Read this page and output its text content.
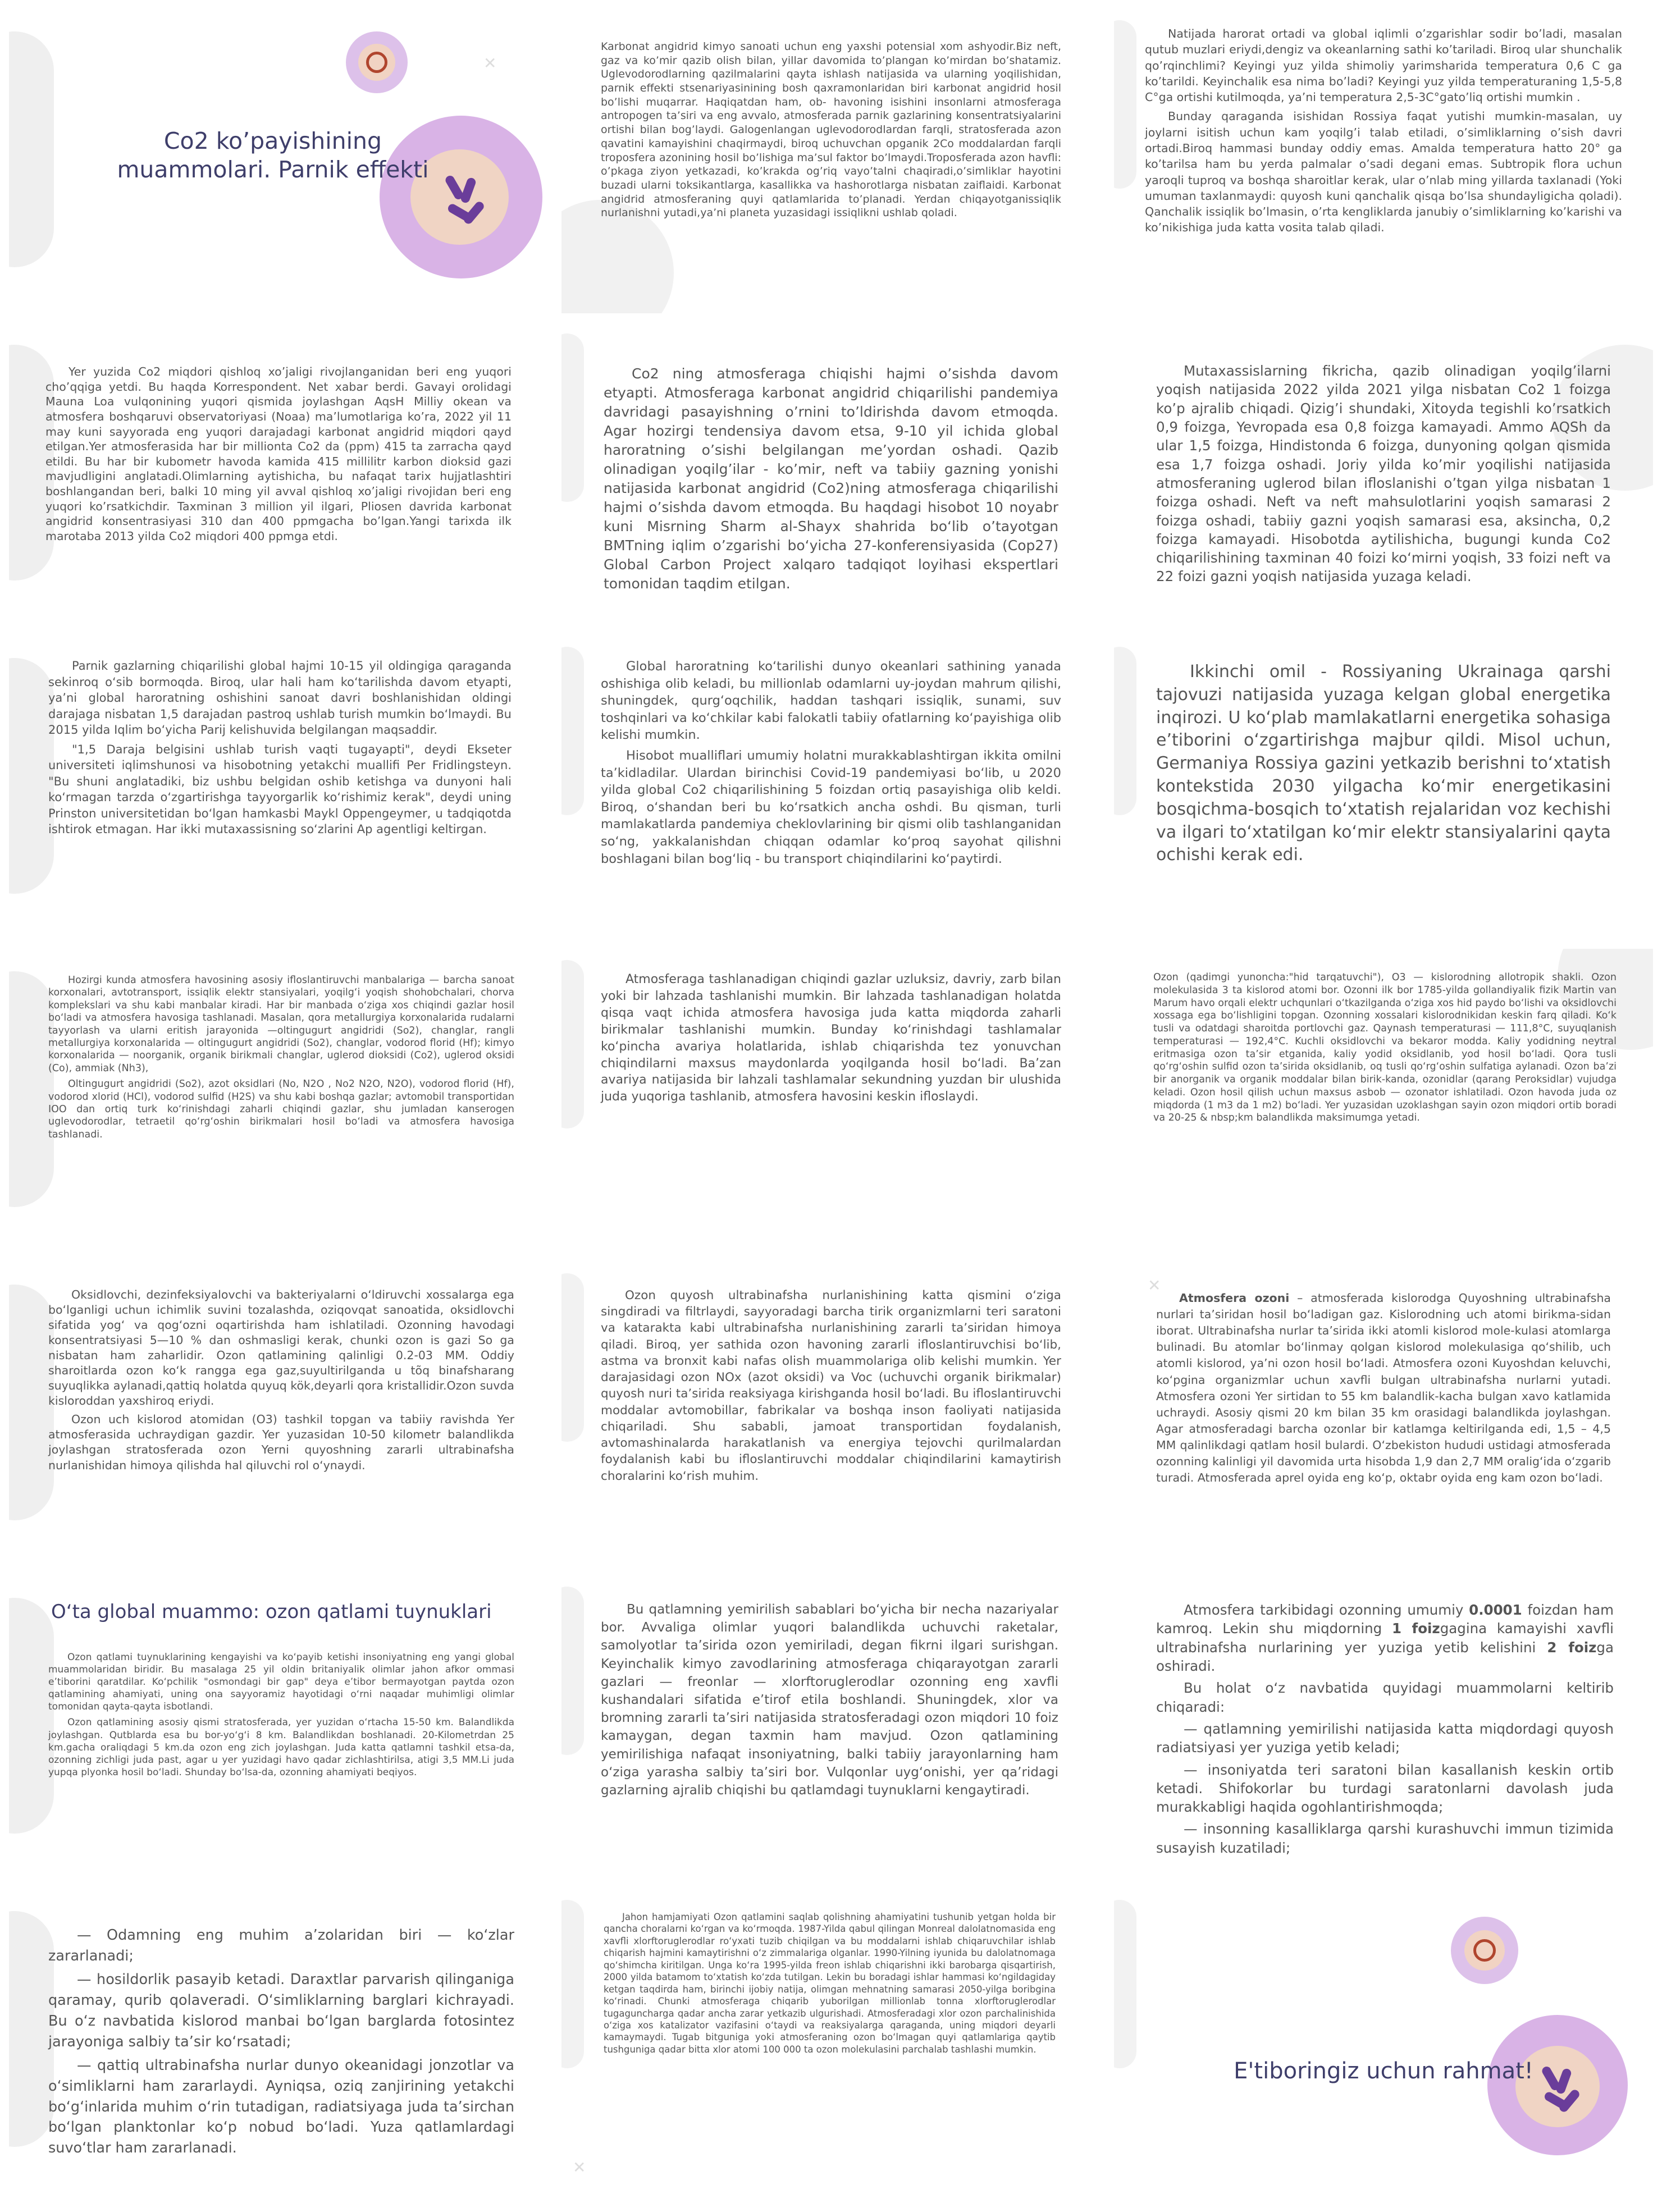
Co2 ko’payishining muammolari. Parnik effekti
✕
Karbonat angidrid kimyo sanoati uchun eng yaxshi potensial xom ashyodir.Biz neft, gaz va ko’mir qazib olish bilan, yillar davomida to’plangan ko’mirdan bo’shatamiz. Uglevodorodlarning qazilmalarini qayta ishlash natijasida va ularning yoqilishidan, parnik effekti stsenariyasinining bosh qaxramonlaridan biri karbonat angidrid hosil bo’lishi muqarrar. Haqiqatdan ham, ob- havoning isishini insonlarni atmosferaga antropogen ta’siri va eng avvalo, atmosferada parnik gazlarining konsentratsiyalarini ortishi bilan bog’laydi. Galogenlangan uglevodorodlardan farqli, stratosferada azon qavatini kamayishini chaqirmaydi, biroq uchuvchan opganik 2Co moddalardan farqli troposfera azonining hosil bo’lishiga ma’sul faktor bo’lmaydi.Troposferada azon havfli: o’pkaga ziyon yetkazadi, ko’krakda og’riq vayo’talni chaqiradi,o’simliklar hayotini buzadi ularni toksikantlarga, kasallikka va hashorotlarga nisbatan zaiflaidi. Karbonat angidrid atmosferaning quyi qatlamlarida to’planadi. Yerdan chiqayotganissiqlik nurlanishni yutadi,ya’ni planeta yuzasidagi issiqlikni ushlab qoladi.

Natijada harorat ortadi va global iqlimli o’zgarishlar sodir bo’ladi, masalan qutub muzlari eriydi,dengiz va okeanlarning sathi ko’tariladi. Biroq ular shunchalik qo’rqinchlimi? Keyingi yuz yilda shimoliy yarimsharida temperatura 0,6 C ga ko’tarildi. Keyinchalik esa nima bo’ladi? Keyingi yuz yilda temperaturaning 1,5-5,8 C°ga ortishi kutilmoqda, ya’ni temperatura 2,5-3C°gato’liq ortishi mumkin .

Bunday qaraganda isishidan Rossiya faqat yutishi mumkin-masalan, uy joylarni isitish uchun kam yoqilg’i talab etiladi, o’simliklarning o’sish davri ortadi.Biroq hammasi bunday oddiy emas. Amalda temperatura hatto 20° ga ko’tarilsa ham bu yerda palmalar o’sadi degani emas. Subtropik flora uchun yaroqli tuproq va boshqa sharoitlar kerak, ular o’nlab ming yillarda taxlanadi (Yoki umuman taxlanmaydi: quyosh kuni qanchalik qisqa bo’lsa shundayligicha qoladi). Qanchalik issiqlik bo’lmasin, o’rta kengliklarda janubiy o’simliklarning ko’karishi va ko’nikishiga juda katta vosita talab qiladi.

Yer yuzida Co2 miqdori qishloq xo’jaligi rivojlanganidan beri eng yuqori cho’qqiga yetdi. Bu haqda Korrespondent. Net xabar berdi. Gavayi orolidagi Mauna Loa vulqonining yuqori qismida joylashgan AqsH Milliy okean va atmosfera boshqaruvi observatoriyasi (Noaa) ma’lumotlariga ko’ra, 2022 yil 11 may kuni sayyorada eng yuqori darajadagi karbonat angidrid miqdori qayd etilgan.Yer atmosferasida har bir millionta Co2 da (ppm) 415 ta zarracha qayd etildi. Bu har bir kubometr havoda kamida 415 millilitr karbon dioksid gazi mavjudligini anglatadi.Olimlarning aytishicha, bu nafaqat tarix hujjatlashtiri boshlangandan beri, balki 10 ming yil avval qishloq xo’jaligi rivojidan beri eng yuqori ko’rsatkichdir. Taxminan 3 million yil ilgari, Pliosen davrida karbonat angidrid konsentrasiyasi 310 dan 400 ppmgacha bo’lgan.Yangi tarixda ilk marotaba 2013 yilda Co2 miqdori 400 ppmga etdi.

Co2 ning atmosferaga chiqishi hajmi o’sishda davom etyapti. Atmosferaga karbonat angidrid chiqarilishi pandemiya davridagi pasayishning o’rnini to’ldirishda davom etmoqda. Agar hozirgi tendensiya davom etsa, 9-10 yil ichida global haroratning o’sishi belgilangan me’yordan oshadi. Qazib olinadigan yoqilg’ilar - ko’mir, neft va tabiiy gazning yonishi natijasida karbonat angidrid (Co2)ning atmosferaga chiqarilishi hajmi o’sishda davom etmoqda. Bu haqdagi hisobot 10 noyabr kuni Misrning Sharm al-Shayx shahrida bo‘lib o’tayotgan BMTning iqlim o’zgarishi bo‘yicha 27-konferensiyasida (Cop27) Global Carbon Project xalqaro tadqiqot loyihasi ekspertlari tomonidan taqdim etilgan.

Mutaxassislarning fikricha, qazib olinadigan yoqilg’ilarni yoqish natijasida 2022 yilda 2021 yilga nisbatan Co2 1 foizga ko’p ajralib chiqadi. Qizig’i shundaki, Xitoyda tegishli ko’rsatkich 0,9 foizga, Yevropada esa 0,8 foizga kamayadi. Ammo AQSh da ular 1,5 foizga, Hindistonda 6 foizga, dunyoning qolgan qismida esa 1,7 foizga oshadi. Joriy yilda ko’mir yoqilishi natijasida atmosferaning uglerod bilan ifloslanishi o’tgan yilga nisbatan 1 foizga oshadi. Neft va neft mahsulotlarini yoqish samarasi 2 foizga oshadi, tabiiy gazni yoqish samarasi esa, aksincha, 0,2 foizga kamayadi. Hisobotda aytilishicha, bugungi kunda Co2 chiqarilishining taxminan 40 foizi ko‘mirni yoqish, 33 foizi neft va 22 foizi gazni yoqish natijasida yuzaga keladi.

Parnik gazlarning chiqarilishi global hajmi 10-15 yil oldingiga qaraganda sekinroq o‘sib bormoqda. Biroq, ular hali ham ko‘tarilishda davom etyapti, ya’ni global haroratning oshishini sanoat davri boshlanishidan oldingi darajaga nisbatan 1,5 darajadan pastroq ushlab turish mumkin bo‘lmaydi. Bu 2015 yilda Iqlim bo‘yicha Parij kelishuvida belgilangan maqsaddir.

"1,5 Daraja belgisini ushlab turish vaqti tugayapti", deydi Ekseter universiteti iqlimshunosi va hisobotning yetakchi muallifi Per Fridlingsteyn. "Bu shuni anglatadiki, biz ushbu belgidan oshib ketishga va dunyoni hali ko‘rmagan tarzda o‘zgartirishga tayyorgarlik ko‘rishimiz kerak", deydi uning Prinston universitetidan bo‘lgan hamkasbi Maykl Oppengeymer, u tadqiqotda ishtirok etmagan. Har ikki mutaxassisning so‘zlarini Ap agentligi keltirgan.

Global haroratning ko‘tarilishi dunyo okeanlari sathining yanada oshishiga olib keladi, bu millionlab odamlarni uy-joydan mahrum qilishi, shuningdek, qurg‘oqchilik, haddan tashqari issiqlik, sunami, suv toshqinlari va ko‘chkilar kabi falokatli tabiiy ofatlarning ko‘payishiga olib kelishi mumkin.

Hisobot mualliflari umumiy holatni murakkablashtirgan ikkita omilni ta’kidladilar. Ulardan birinchisi Covid-19 pandemiyasi bo‘lib, u 2020 yilda global Co2 chiqarilishining 5 foizdan ortiq pasayishiga olib keldi. Biroq, o‘shandan beri bu ko‘rsatkich ancha oshdi. Bu qisman, turli mamlakatlarda pandemiya cheklovlarining bir qismi olib tashlanganidan so‘ng, yakkalanishdan chiqqan odamlar ko‘proq sayohat qilishni boshlagani bilan bog‘liq - bu transport chiqindilarini ko‘paytirdi.

Ikkinchi omil - Rossiyaning Ukrainaga qarshi tajovuzi natijasida yuzaga kelgan global energetika inqirozi. U ko‘plab mamlakatlarni energetika sohasiga e’tiborini o‘zgartirishga majbur qildi. Misol uchun, Germaniya Rossiya gazini yetkazib berishni to‘xtatish kontekstida 2030 yilgacha ko‘mir energetikasini bosqichma-bosqich to‘xtatish rejalaridan voz kechishi va ilgari to‘xtatilgan ko‘mir elektr stansiyalarini qayta ochishi kerak edi.

Hozirgi kunda atmosfera havosining asosiy ifloslantiruvchi manbalariga — barcha sanoat korxonalari, avtotransport, issiqlik elektr stansiyalari, yoqilg‘i yoqish shohobchalari, chorva komplekslari va shu kabi manbalar kiradi. Har bir manbada o‘ziga xos chiqindi gazlar hosil bo‘ladi va atmosfera havosiga tashlanadi. Masalan, qora metallurgiya korxonalarida rudalarni tayyorlash va ularni eritish jarayonida —oltingugurt angidridi (So2), changlar, rangli metallurgiya korxonalarida — oltingugurt angidridi (So2), changlar, vodorod florid (Hf); kimyo korxonalarida — noorganik, organik birikmali changlar, uglerod dioksidi (Co2), uglerod oksidi (Co), ammiak (Nh3),

Oltingugurt angidridi (So2), azot oksidlari (No, N2O , No2 N2O, N2O), vodorod florid (Hf), vodorod xlorid (HCl), vodorod sulfid (H2S) va shu kabi boshqa gazlar; avtomobil transportidan IOO dan ortiq turk ko‘rinishdagi zaharli chiqindi gazlar, shu jumladan kanserogen uglevodorodlar, tetraetil qo‘rg‘oshin birikmalari hosil bo‘ladi va atmosfera havosiga tashlanadi.

Atmosferaga tashlanadigan chiqindi gazlar uzluksiz, davriy, zarb bilan yoki bir lahzada tashlanishi mumkin. Bir lahzada tashlanadigan holatda qisqa vaqt ichida atmosfera havosiga juda katta miqdorda zaharli birikmalar tashlanishi mumkin. Bunday ko‘rinishdagi tashlamalar ko‘pincha avariya holatlarida, ishlab chiqarishda tez yonuvchan chiqindilarni maxsus maydonlarda yoqilganda hosil bo‘ladi. Ba’zan avariya natijasida bir lahzali tashlamalar sekundning yuzdan bir ulushida juda yuqoriga tashlanib, atmosfera havosini keskin ifloslaydi.

Ozon (qadimgi yunoncha:"hid tarqatuvchi"), O3 — kislorodning allotropik shakli. Ozon molekulasida 3 ta kislorod atomi bor. Ozonni ilk bor 1785-yilda gollandiyalik fizik Martin van Marum havo orqali elektr uchqunlari o‘tkazilganda o‘ziga xos hid paydo bo‘lishi va oksidlovchi xossaga ega bo‘lishligini topgan. Ozonning xossalari kislorodnikidan keskin farq qiladi. Ko‘k tusli va odatdagi sharoitda portlovchi gaz. Qaynash temperaturasi — 111,8°C, suyuqlanish temperaturasi — 192,4°C. Kuchli oksidlovchi va bekaror modda. Kaliy yodidning neytral eritmasiga ozon ta’sir etganida, kaliy yodid oksidlanib, yod hosil bo‘ladi. Qora tusli qo‘rg‘oshin sulfid ozon ta’sirida oksidlanib, oq tusli qo‘rg‘oshin sulfatiga aylanadi. Ozon ba’zi bir anorganik va organik moddalar bilan birik-kanda, ozonidlar (qarang Peroksidlar) vujudga keladi. Ozon hosil qilish uchun maxsus asbob — ozonator ishlatiladi. Ozon havoda juda oz miqdorda (1 m3 da 1 m2) bo‘ladi. Yer yuzasidan uzoklashgan sayin ozon miqdori ortib boradi va 20-25 & nbsp;km balandlikda maksimumga yetadi.

Oksidlovchi, dezinfeksiyalovchi va bakteriyalarni o‘ldiruvchi xossalarga ega bo‘lganligi uchun ichimlik suvini tozalashda, oziqovqat sanoatida, oksidlovchi sifatida yog‘ va qog‘ozni oqartirishda ham ishlatiladi. Ozonning havodagi konsentratsiyasi 5—10 % dan oshmasligi kerak, chunki ozon is gazi So ga nisbatan ham zaharlidir. Ozon qatlamining qalinligi 0.2-03 MM. Oddiy sharoitlarda ozon ko‘k rangga ega gaz,suyultirilganda u tõq binafsharang suyuqlikka aylanadi,qattiq holatda quyuq kök,deyarli qora kristallidir.Ozon suvda kisloroddan yaxshiroq eriydi.

Ozon uch kislorod atomidan (O3) tashkil topgan va tabiiy ravishda Yer atmosferasida uchraydigan gazdir. Yer yuzasidan 10-50 kilometr balandlikda joylashgan stratosferada ozon Yerni quyoshning zararli ultrabinafsha nurlanishidan himoya qilishda hal qiluvchi rol o‘ynaydi.

Ozon quyosh ultrabinafsha nurlanishining katta qismini o‘ziga singdiradi va filtrlaydi, sayyoradagi barcha tirik organizmlarni teri saratoni va katarakta kabi ultrabinafsha nurlanishining zararli ta’siridan himoya qiladi. Biroq, yer sathida ozon havoning zararli ifloslantiruvchisi bo‘lib, astma va bronxit kabi nafas olish muammolariga olib kelishi mumkin. Yer darajasidagi ozon NOx (azot oksidi) va Voc (uchuvchi organik birikmalar) quyosh nuri ta’sirida reaksiyaga kirishganda hosil bo‘ladi. Bu ifloslantiruvchi moddalar avtomobillar, fabrikalar va boshqa inson faoliyati natijasida chiqariladi. Shu sababli, jamoat transportidan foydalanish, avtomashinalarda harakatlanish va energiya tejovchi qurilmalardan foydalanish kabi bu ifloslantiruvchi moddalar chiqindilarini kamaytirish choralarini ko‘rish muhim.

✕

Atmosfera ozoni – atmosferada kislorodga Quyoshning ultrabinafsha nurlari ta’siridan hosil bo‘ladigan gaz. Kislorodning uch atomi birikma-sidan iborat. Ultrabinafsha nurlar ta’sirida ikki atomli kislorod mole-kulasi atomlarga bulinadi. Bu atomlar bo‘linmay qolgan kislorod molekulasiga qo‘shilib, uch atomli kislorod, ya’ni ozon hosil bo‘ladi. Atmosfera ozoni Kuyoshdan keluvchi, ko‘pgina organizmlar uchun xavfli bulgan ultrabinafsha nurlarni yutadi. Atmosfera ozoni Yer sirtidan to 55 km balandlik-kacha bulgan xavo katlamida uchraydi. Asosiy qismi 20 km bilan 35 km orasidagi balandlikda joylashgan. Agar atmosferadagi barcha ozonlar bir katlamga keltirilganda edi, 1,5 – 4,5 MM qalinlikdagi qatlam hosil bulardi. O‘zbekiston hududi ustidagi atmosferada ozonning kalinligi yil davomida urta hisobda 1,9 dan 2,7 MM oralig‘ida o‘zgarib turadi. Atmosferada aprel oyida eng ko‘p, oktabr oyida eng kam ozon bo‘ladi.

O‘ta global muammo: ozon qatlami tuynuklari

Ozon qatlami tuynuklarining kengayishi va ko‘payib ketishi insoniyatning eng yangi global muammolaridan biridir. Bu masalaga 25 yil oldin britaniyalik olimlar jahon afkor ommasi e’tiborini qaratdilar. Ko‘pchilik "osmondagi bir gap" deya e’tibor bermayotgan paytda ozon qatlamining ahamiyati, uning ona sayyoramiz hayotidagi o‘rni naqadar muhimligi olimlar tomonidan qayta-qayta isbotlandi.

Ozon qatlamining asosiy qismi stratosferada, yer yuzidan o‘rtacha 15-50 km. Balandlikda joylashgan. Qutblarda esa bu bor-yo‘g‘i 8 km. Balandlikdan boshlanadi. 20-Kilometrdan 25 km.gacha oraliqdagi 5 km.da ozon eng zich joylashgan. Juda katta qatlamni tashkil etsa-da, ozonning zichligi juda past, agar u yer yuzidagi havo qadar zichlashtirilsa, atigi 3,5 MM.Li juda yupqa plyonka hosil bo‘ladi. Shunday bo‘lsa-da, ozonning ahamiyati beqiyos.

Bu qatlamning yemirilish sabablari bo‘yicha bir necha nazariyalar bor. Avvaliga olimlar yuqori balandlikda uchuvchi raketalar, samolyotlar ta’sirida ozon yemiriladi, degan fikrni ilgari surishgan. Keyinchalik kimyo zavodlarining atmosferaga chiqarayotgan zararli gazlari — freonlar — xlorftoruglerodlar ozonning eng xavfli kushandalari sifatida e’tirof etila boshlandi. Shuningdek, xlor va bromning zararli ta’siri natijasida stratosferadagi ozon miqdori 10 foiz kamaygan, degan taxmin ham mavjud. Ozon qatlamining yemirilishiga nafaqat insoniyatning, balki tabiiy jarayonlarning ham o‘ziga yarasha salbiy ta’siri bor. Vulqonlar uyg‘onishi, yer qa’ridagi gazlarning ajralib chiqishi bu qatlamdagi tuynuklarni kengaytiradi.

Atmosfera tarkibidagi ozonning umumiy 0.0001 foizdan ham kamroq. Lekin shu miqdorning 1 foizgagina kamayishi xavfli ultrabinafsha nurlarining yer yuziga yetib kelishini 2 foizga oshiradi.

Bu holat o‘z navbatida quyidagi muammolarni keltirib chiqaradi:

— qatlamning yemirilishi natijasida katta miqdordagi quyosh radiatsiyasi yer yuziga yetib keladi;

— insoniyatda teri saratoni bilan kasallanish keskin ortib ketadi. Shifokorlar bu turdagi saratonlarni davolash juda murakkabligi haqida ogohlantirishmoqda;

— insonning kasalliklarga qarshi kurashuvchi immun tizimida susayish kuzatiladi;

— Odamning eng muhim a’zolaridan biri — ko‘zlar zararlanadi;

— hosildorlik pasayib ketadi. Daraxtlar parvarish qilinganiga qaramay, qurib qolaveradi. O‘simliklarning barglari kichrayadi. Bu o‘z navbatida kislorod manbai bo‘lgan barglarda fotosintez jarayoniga salbiy ta’sir ko‘rsatadi;

— qattiq ultrabinafsha nurlar dunyo okeanidagi jonzotlar va o‘simliklarni ham zararlaydi. Ayniqsa, oziq zanjirining yetakchi bo‘g‘inlarida muhim o‘rin tutadigan, radiatsiyaga juda ta’sirchan bo‘lgan planktonlar ko‘p nobud bo‘ladi. Yuza qatlamlardagi suvo‘tlar ham zararlanadi.

✕

Jahon hamjamiyati Ozon qatlamini saqlab qolishning ahamiyatini tushunib yetgan holda bir qancha choralarni ko‘rgan va ko‘rmoqda. 1987-Yilda qabul qilingan Monreal dalolatnomasida eng xavfli xlorftoruglerodlar ro‘yxati tuzib chiqilgan va bu moddalarni ishlab chiqaruvchilar ishlab chiqarish hajmini kamaytirishni o‘z zimmalariga olganlar. 1990-Yilning iyunida bu dalolatnomaga qo‘shimcha kiritilgan. Unga ko‘ra 1995-yilda freon ishlab chiqarishni ikki barobarga qisqartirish, 2000 yilda batamom to‘xtatish ko‘zda tutilgan. Lekin bu boradagi ishlar hammasi ko‘ngildagiday ketgan taqdirda ham, birinchi ijobiy natija, olimgan mehnatning samarasi 2050-yilga boribgina ko‘rinadi. Chunki atmosferaga chiqarib yuborilgan millionlab tonna xlorftoruglerodlar tugaguncharga qadar ancha zarar yetkazib ulgurishadi. Atmosferadagi xlor ozon parchalinishida o‘ziga xos katalizator vazifasini o‘taydi va reaksiyalarga qaraganda, uning miqdori deyarli kamaymaydi. Tugab bitguniga yoki atmosferaning ozon bo‘lmagan quyi qatlamlariga qaytib tushguniga qadar bitta xlor atomi 100 000 ta ozon molekulasini parchalab tashlashi mumkin.

E'tiboringiz uchun rahmat!
